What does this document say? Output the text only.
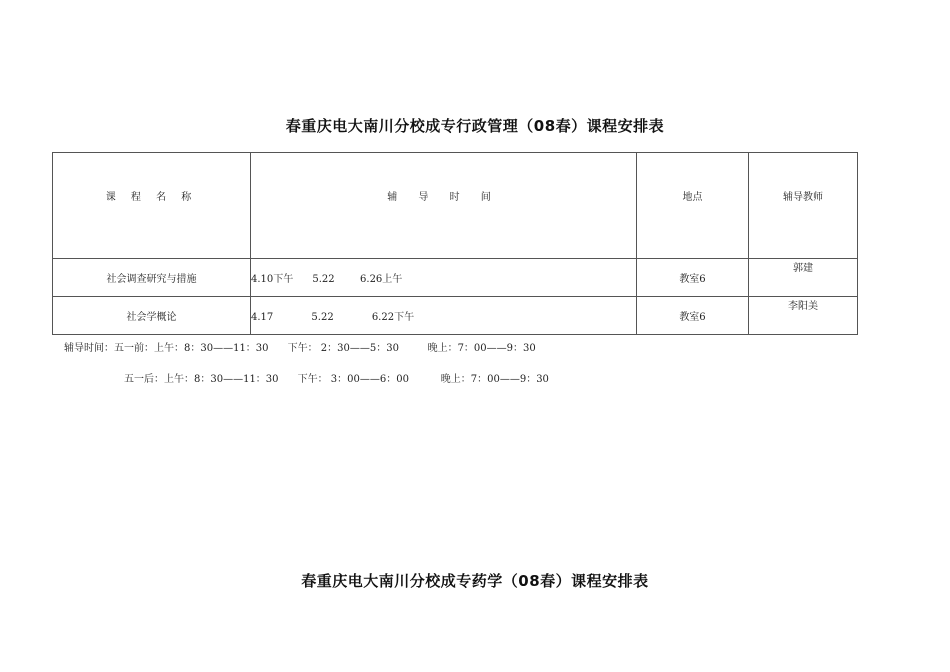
春重庆电大南川分校成专行政管理（08春）课程安排表
课 程 名 称	辅 导 时 间	地点	辅导教师
社会调查研究与措施	4.10下午      5.22        6.26上午	教室6	郭建
社会学概论	4.17            5.22            6.22下午	教室6	李阳美
辅导时间：五一前：上午：8：30——11：30      下午： 2：30——5：30         晚上：7：00——9：30
五一后：上午：8：30——11：30      下午： 3：00——6：00          晚上：7：00——9：30
春重庆电大南川分校成专药学（08春）课程安排表
